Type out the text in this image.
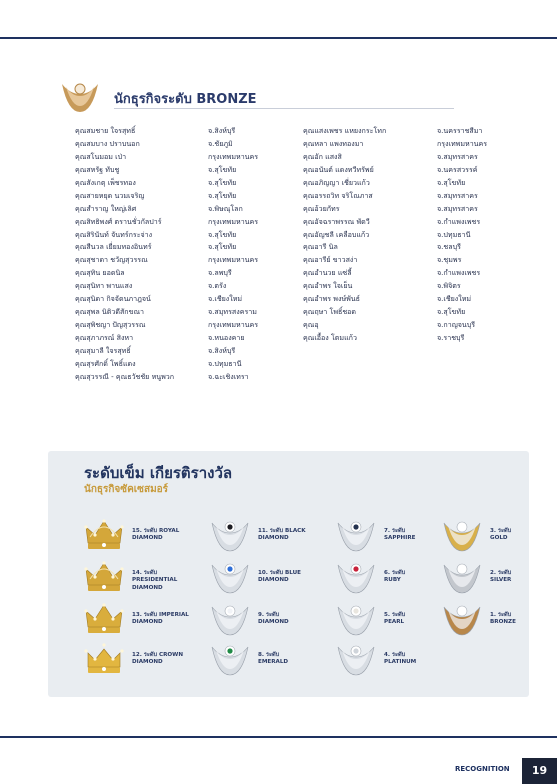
นักธุรกิจระดับ BRONZE
คุณสมชาย ใจรสุทธิ์
คุณสมบาง ปราบนอก
คุณสโนมอม เป่า
คุณสหรัฐ ทับชู
คุณสังเกตุ เพ็ชรทอง
คุณสายหยุด นวมเจริญ
คุณสำราญ ใหญ่เลิศ
คุณสิทธิพงศ์ ตรานชั่วกัลปาร์
คุณสิรินันท์ จันทร์กระจ่าง
คุณสีนวล เยี่ยมทองอินทร์
คุณสุชาดา ชวัญสุวรรณ
คุณสุทิน ยอดนิล
คุณสุนิทา พานแสง
คุณสุนิดา กิจจัดนภาฎจน์
คุณสุพล นิติวดีสักขณา
คุณสุพิชญา ปัญสุวรรณ
คุณสุภาภรณ์ สิงหา
คุณสุมาลี ใจรสุทธิ์
คุณสุรศักดิ์ โพธิ์แดง
คุณสุวรรณี - คุณธวัชชัย หนูพวก
จ.สิงห์บุรี
จ.ชัยภูมิ
กรุงเทพมหานคร
จ.สุโขทัย
จ.สุโขทัย
จ.สุโขทัย
จ.พิษณุโลก
กรุงเทพมหานคร
จ.สุโขทัย
จ.สุโขทัย
กรุงเทพมหานคร
จ.ลพบุรี
จ.ตรัง
จ.เชียงใหม่
จ.สมุทรสงคราม
กรุงเทพมหานคร
จ.หนองคาย
จ.สิงห์บุรี
จ.ปทุมธานี
จ.ฉะเชิงเทรา
คุณแสงเพชร แหยงกระโทก
คุณหลา แพงทองมา
คุณอัก แสงสิ
คุณอนันต์ แดงทวีทรัพย์
คุณอภิญญา เชี่ยวแก้ว
คุณอรรถวิท จริโณภาส
คุณอ้วยกัทร
คุณอัจฉราพรรณ พัดวี
คุณอัญชลี เคลือบแก้ว
คุณอารี นิล
คุณอารีย์ ขาวสง่า
คุณอำนวย แซ่ลี้
คุณอำพร ใจเย็น
คุณอำพร พงษ์พันธ์
คุณฤษา โพธิ์ชอด
คุณอุ
คุณเอื้อง โตมแก้ว
จ.นครราชสีมา
กรุงเทพมหานคร
จ.สมุทรสาคร
จ.นครสวรรค์
จ.สุโขทัย
จ.สมุทรสาคร
จ.สมุทรสาคร
จ.กำแพงเพชร
จ.ปทุมธานี
จ.ชลบุรี
จ.ชุมพร
จ.กำแพงเพชร
จ.พิจิตร
จ.เชียงใหม่
จ.สุโขทัย
จ.กาญจนบุรี
จ.ราชบุรี
ระดับเข็ม เกียรติรางวัล
นักธุรกิจซัคเซสมอร์
15. ระดับ ROYAL
DIAMOND
14. ระดับ PRESIDENTIAL
DIAMOND
13. ระดับ IMPERIAL
DIAMOND
12. ระดับ CROWN
DIAMOND
11. ระดับ BLACK
DIAMOND
10. ระดับ BLUE
DIAMOND
9. ระดับ
DIAMOND
8. ระดับ
EMERALD
7. ระดับ
SAPPHIRE
6. ระดับ
RUBY
5. ระดับ
PEARL
4. ระดับ
PLATINUM
3. ระดับ
GOLD
2. ระดับ
SILVER
1. ระดับ
BRONZE
RECOGNITION	19
